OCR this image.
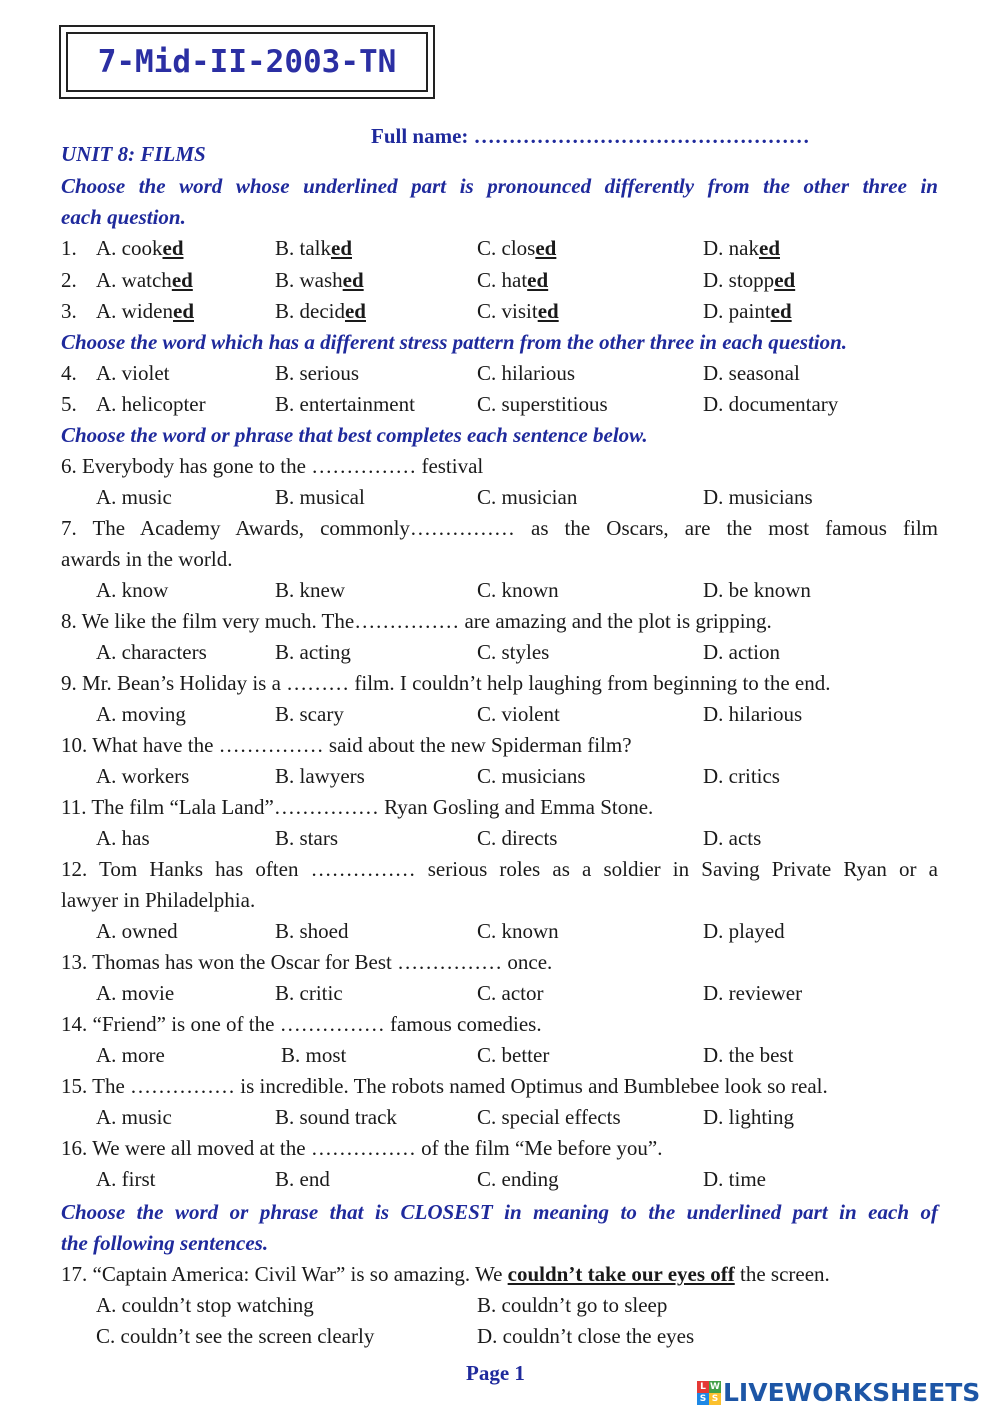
7-Mid-II-2003-TN
Full name: …………………………………………
UNIT 8: FILMS
Choose the word whose underlined part is pronounced differently from the other three in
each question.
1. A. cooked	B. talked	C. closed	D. naked
2. A. watched	B. washed	C. hated	D. stopped
3. A. widened	B. decided	C. visited	D. painted
Choose the word which has a different stress pattern from the other three in each question.
4. A. violet	B. serious	C. hilarious	D. seasonal
5. A. helicopter	B. entertainment	C. superstitious	D. documentary
Choose the word or phrase that best completes each sentence below.
6. Everybody has gone to the …………… festival
A. music	B. musical	C. musician	D. musicians
7. The Academy Awards, commonly…………… as the Oscars, are the most famous film
awards in the world.
A. know	B. knew	C. known	D. be known
8. We like the film very much. The…………… are amazing and the plot is gripping.
A. characters	B. acting	C. styles	D. action
9. Mr. Bean’s Holiday is a ……… film. I couldn’t help laughing from beginning to the end.
A. moving	B. scary	C. violent	D. hilarious
10. What have the …………… said about the new Spiderman film?
A. workers	B. lawyers	C. musicians	D. critics
11. The film “Lala Land”…………… Ryan Gosling and Emma Stone.
A. has	B. stars	C. directs	D. acts
12. Tom Hanks has often …………… serious roles as a soldier in Saving Private Ryan or a
lawyer in Philadelphia.
A. owned	B. shoed	C. known	D. played
13. Thomas has won the Oscar for Best …………… once.
A. movie	B. critic	C. actor	D. reviewer
14. “Friend” is one of the …………… famous comedies.
A. more	B. most	C. better	D. the best
15. The …………… is incredible. The robots named Optimus and Bumblebee look so real.
A. music	B. sound track	C. special effects	D. lighting
16. We were all moved at the …………… of the film “Me before you”.
A. first	B. end	C. ending	D. time
Choose the word or phrase that is CLOSEST in meaning to the underlined part in each of
the following sentences.
17. “Captain America: Civil War” is so amazing. We couldn’t take our eyes off the screen.
A. couldn’t stop watching	B. couldn’t go to sleep
C. couldn’t see the screen clearly	D. couldn’t close the eyes
Page 1
L W
S S LIVEWORKSHEETS
